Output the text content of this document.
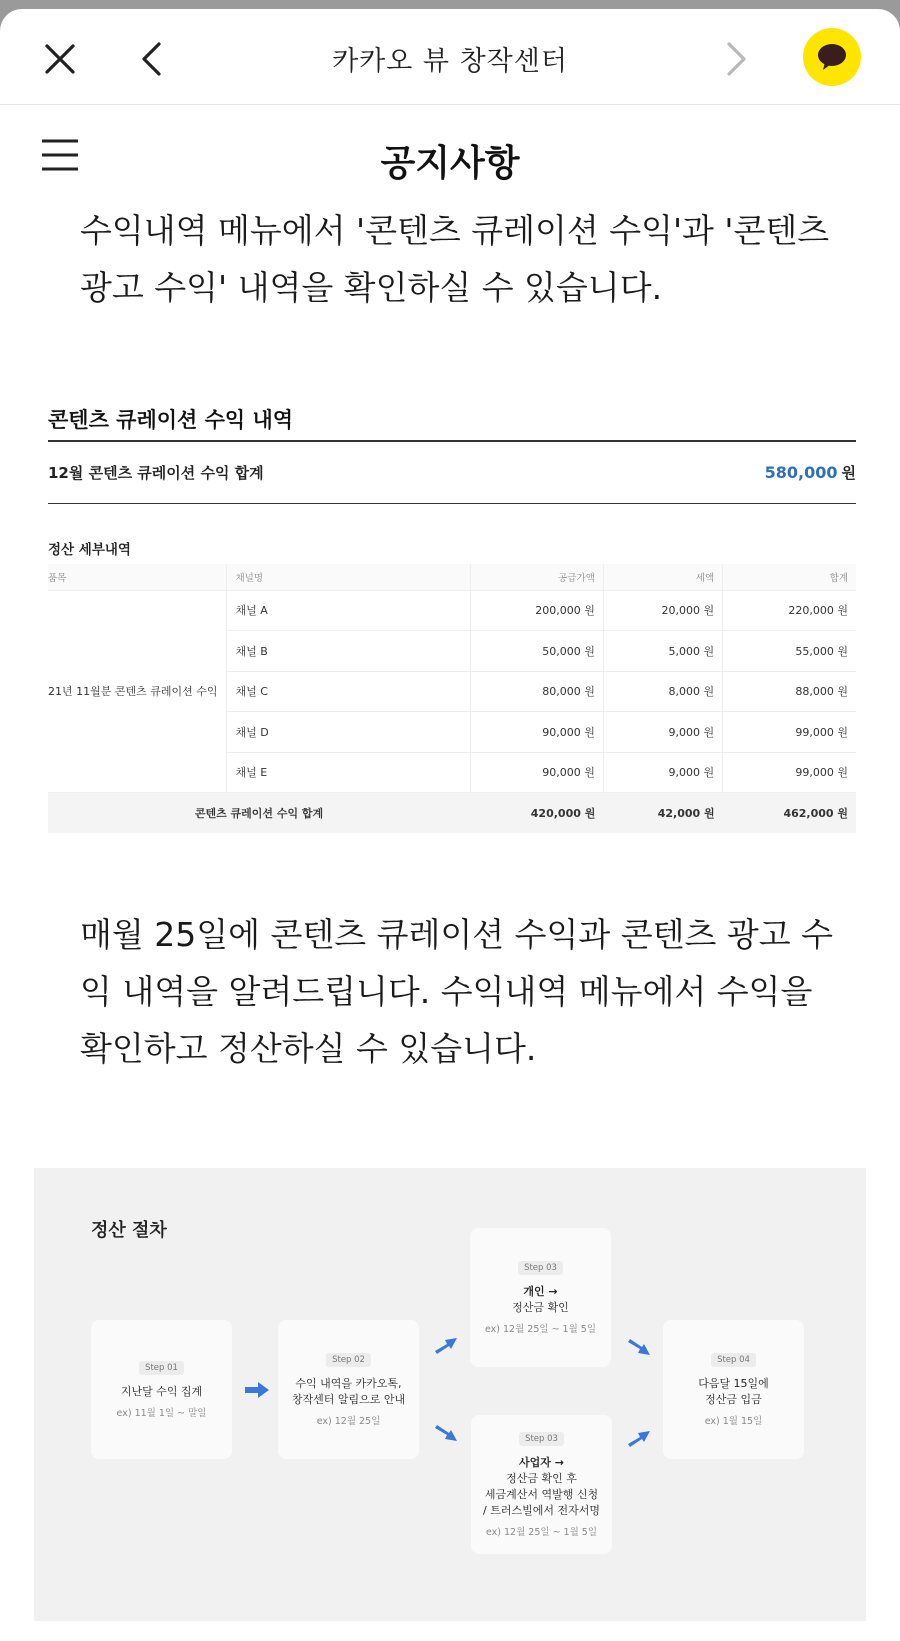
카카오 뷰 창작센터
공지사항
수익내역 메뉴에서 '콘텐츠 큐레이션 수익'과 '콘텐츠 광고 수익' 내역을 확인하실 수 있습니다.
콘텐츠 큐레이션 수익 내역
12월 콘텐츠 큐레이션 수익 합계	580,000 원
정산 세부내역
품목	채널명	공급가액	세액	합계
21년 11월분 콘텐츠 큐레이션 수익	채널 A	200,000 원	20,000 원	220,000 원
	채널 B	50,000 원	5,000 원	55,000 원
	채널 C	80,000 원	8,000 원	88,000 원
	채널 D	90,000 원	9,000 원	99,000 원
	채널 E	90,000 원	9,000 원	99,000 원
콘텐츠 큐레이션 수익 합계		420,000 원	42,000 원	462,000 원
매월 25일에 콘텐츠 큐레이션 수익과 콘텐츠 광고 수익 내역을 알려드립니다. 수익내역 메뉴에서 수익을 확인하고 정산하실 수 있습니다.
정산 절차
Step 01
지난달 수익 집계
ex) 11월 1일 ~ 말일
Step 02
수익 내역을 카카오톡,
창작센터 알림으로 안내
ex) 12월 25일
Step 03
개인 →
정산금 확인
ex) 12월 25일 ~ 1월 5일
Step 03
사업자 →
정산금 확인 후
세금계산서 역발행 신청
/ 트러스빌에서 전자서명
ex) 12월 25일 ~ 1월 5일
Step 04
다음달 15일에
정산금 입금
ex) 1월 15일
